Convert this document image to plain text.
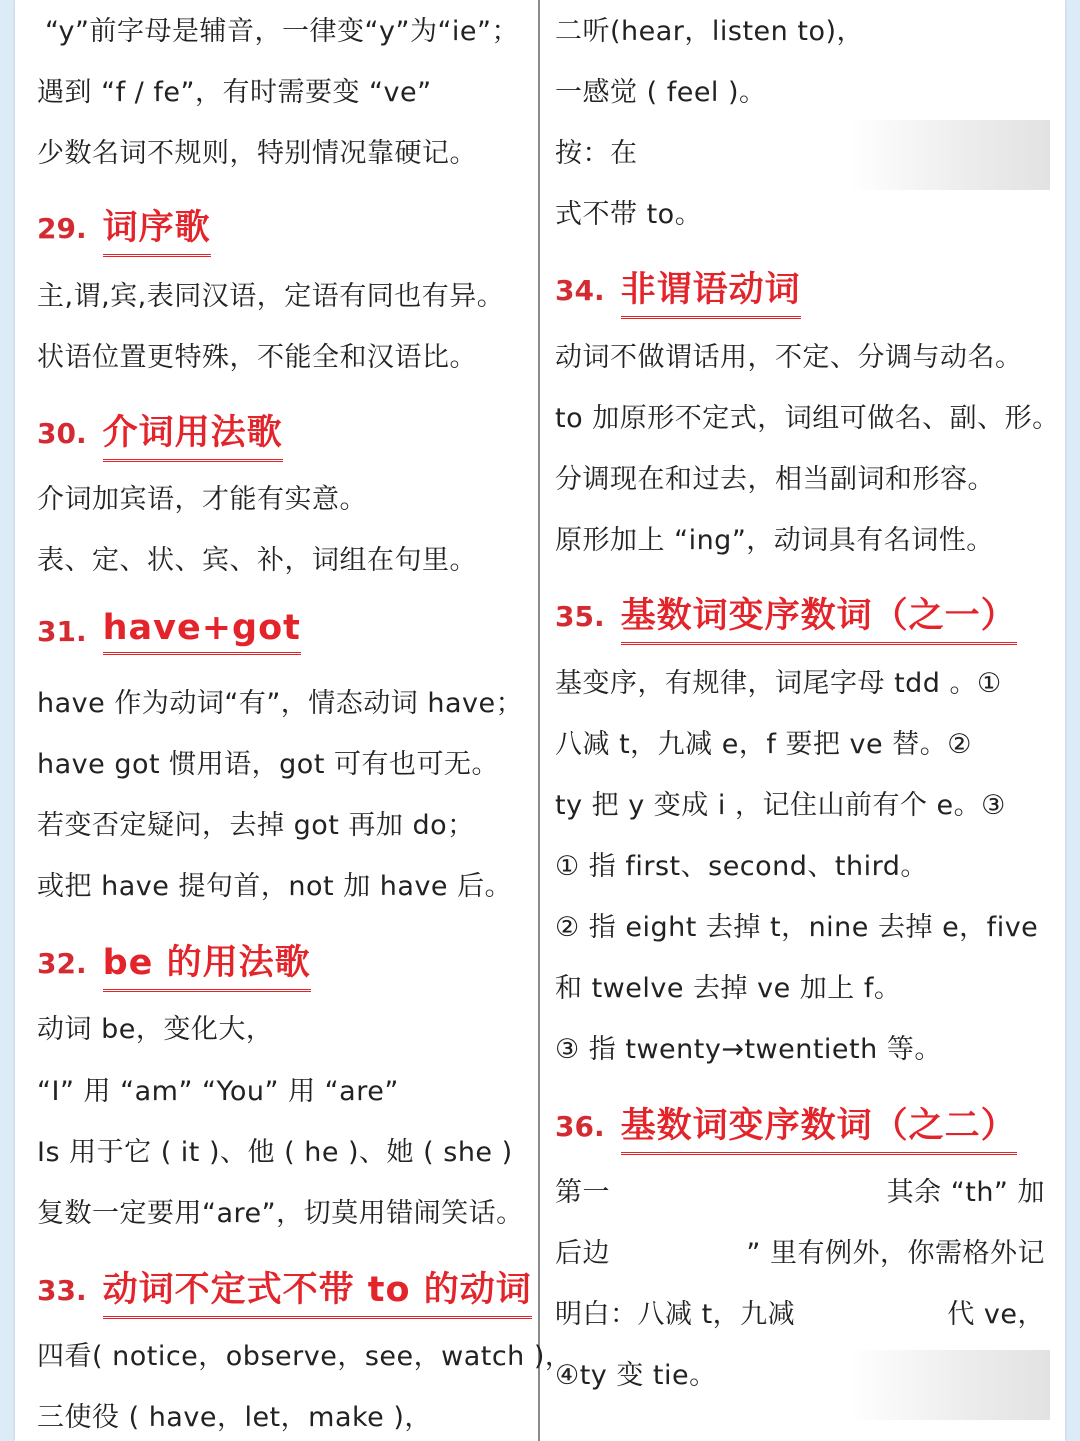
“y”前字母是辅音，一律变“y”为“ie”；
遇到 “f / fe”，有时需要变 “ve”
少数名词不规则，特别情况靠硬记。
29. 词序歌
主,谓,宾,表同汉语，定语有同也有异。
状语位置更特殊，不能全和汉语比。
30. 介词用法歌
介词加宾语，才能有实意。
表、定、状、宾、补，词组在句里。
31. have+got
have 作为动词“有”，情态动词 have；
have got 惯用语，got 可有也可无。
若变否定疑问，去掉 got 再加 do；
或把 have 提句首，not 加 have 后。
32. be 的用法歌
动词 be，变化大，
“I” 用 “am” “You” 用 “are”
Is 用于它 ( it )、他 ( he )、她 ( she )
复数一定要用“are”，切莫用错闹笑话。
33. 动词不定式不带 to 的动词
四看( notice，observe，see，watch )，
三使役 ( have，let，make )，
二听(hear，listen to)，
一感觉 ( feel )。
按：在
式不带 to。
34. 非谓语动词
动词不做谓话用，不定、分调与动名。
to 加原形不定式，词组可做名、副、形。
分调现在和过去，相当副词和形容。
原形加上 “ing”，动词具有名词性。
35. 基数词变序数词（之一）
基变序，有规律，词尾字母 tdd 。①
八减 t，九减 e，f 要把 ve 替。②
ty 把 y 变成 i ，记住山前有个 e。③
① 指 first、second、third。
② 指 eight 去掉 t，nine 去掉 e，five
和 twelve 去掉 ve 加上 f。
③ 指 twenty→twentieth 等。
36. 基数词变序数词（之二）
第一	其余 “th” 加
后边	” 里有例外，你需格外记
明白：八减 t，九减	代 ve，
④ty 变 tie。
